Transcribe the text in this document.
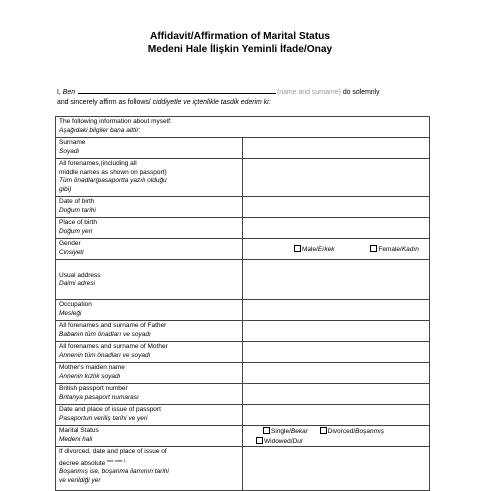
Affidavit/Affirmation of Marital Status
Medeni Hale İlişkin Yeminli İfade/Onay
I, Ben	(name and surname) do solemnly
and sincerely affirm as follows/ ciddiyetle ve içtenlikle tasdik ederim ki:
The following information about myself:
Aşağıdaki bilgiler bana aittir:	

Surname
Soyadı	

All forenames,(including all
middle names as shown on passport)
Tüm önadlar(pasaportta yazılı olduğu
gibi)	

Date of birth
Doğum tarihi	

Place of birth
Doğum yeri	

Gender
Cinsiyeti	Male/Erkek Female/Kadın

Usual address
Daimi adresi	

Occupation
Mesleği	

All forenames and surname of Father
Babanın tüm önadları ve soyadı	

All forenames and surname of Mother
Annenin tüm önadları ve soyadı	

Mother's maiden name
Annenin kızlık soyadı	

British passport number
Britanya pasaport numarası	

Date and place of issue of passport
Pasaportun veriliş tarihi ve yeri	

Marital Status
Medeni hali	Single/Bekar Divorced/Boşanmış Widowed/Dul

If divorced, date and place of issue of
decree absolute $^{see note 1}$
Boşanmış ise, boşanma ilamının tarihi
ve verildiği yer	
